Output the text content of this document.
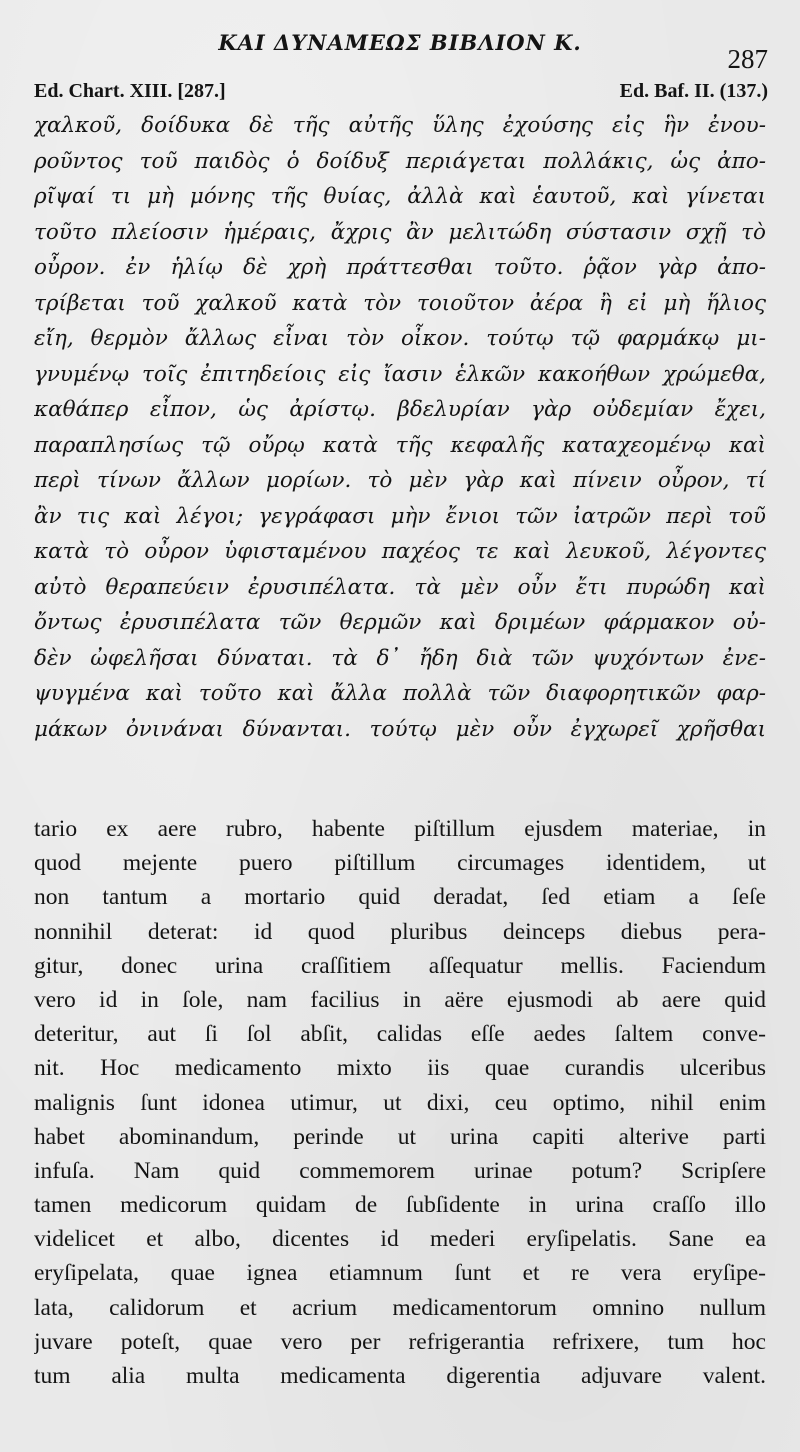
ΚΑΙ ΔΥΝΑΜΕΩΣ ΒΙΒΛΙΟΝ Κ.
287
Ed. Chart. XIII. [287.]	Ed. Baf. II. (137.)
χαλκοῦ, δοίδυκα δὲ τῆς αὐτῆς ὕλης ἐχούσης εἰς ἣν ἐνου-
ροῦντος τοῦ παιδὸς ὁ δοίδυξ περιάγεται πολλάκις, ὡς ἀπο-
ρῖψαί τι μὴ μόνης τῆς θυίας, ἀλλὰ καὶ ἑαυτοῦ, καὶ γίνεται
τοῦτο πλείοσιν ἡμέραις, ἄχρις ἂν μελιτώδη σύστασιν σχῇ τὸ
οὖρον. ἐν ἡλίῳ δὲ χρὴ πράττεσθαι τοῦτο. ῥᾷον γὰρ ἀπο-
τρίβεται τοῦ χαλκοῦ κατὰ τὸν τοιοῦτον ἀέρα ἢ εἰ μὴ ἥλιος
εἴη, θερμὸν ἄλλως εἶναι τὸν οἶκον. τούτῳ τῷ φαρμάκῳ μι-
γνυμένῳ τοῖς ἐπιτηδείοις εἰς ἴασιν ἑλκῶν κακοήθων χρώμεθα,
καθάπερ εἶπον, ὡς ἀρίστῳ. βδελυρίαν γὰρ οὐδεμίαν ἔχει,
παραπλησίως τῷ οὔρῳ κατὰ τῆς κεφαλῆς καταχεομένῳ καὶ
περὶ τίνων ἄλλων μορίων. τὸ μὲν γὰρ καὶ πίνειν οὖρον, τί
ἂν τις καὶ λέγοι; γεγράφασι μὴν ἔνιοι τῶν ἰατρῶν περὶ τοῦ
κατὰ τὸ οὖρον ὑφισταμένου παχέος τε καὶ λευκοῦ, λέγοντες
αὐτὸ θεραπεύειν ἐρυσιπέλατα. τὰ μὲν οὖν ἔτι πυρώδη καὶ
ὄντως ἐρυσιπέλατα τῶν θερμῶν καὶ δριμέων φάρμακον οὐ-
δὲν ὠφελῆσαι δύναται. τὰ δ᾽ ἤδη διὰ τῶν ψυχόντων ἐνε-
ψυγμένα καὶ τοῦτο καὶ ἄλλα πολλὰ τῶν διαφορητικῶν φαρ-
μάκων ὀνινάναι δύνανται. τούτῳ μὲν οὖν ἐγχωρεῖ χρῆσθαι
tario ex aere rubro, habente piſtillum ejusdem materiae, in
quod mejente puero piſtillum circumages identidem, ut
non tantum a mortario quid deradat, ſed etiam a ſeſe
nonnihil deterat: id quod pluribus deinceps diebus pera-
gitur, donec urina craſſitiem aſſequatur mellis. Faciendum
vero id in ſole, nam facilius in aëre ejusmodi ab aere quid
deteritur, aut ſi ſol abſit, calidas eſſe aedes ſaltem conve-
nit. Hoc medicamento mixto iis quae curandis ulceribus
malignis ſunt idonea utimur, ut dixi, ceu optimo, nihil enim
habet abominandum, perinde ut urina capiti alterive parti
infuſa. Nam quid commemorem urinae potum? Scripſere
tamen medicorum quidam de ſubſidente in urina craſſo illo
videlicet et albo, dicentes id mederi eryſipelatis. Sane ea
eryſipelata, quae ignea etiamnum ſunt et re vera eryſipe-
lata, calidorum et acrium medicamentorum omnino nullum
juvare poteſt, quae vero per refrigerantia refrixere, tum hoc
tum alia multa medicamenta digerentia adjuvare valent.
